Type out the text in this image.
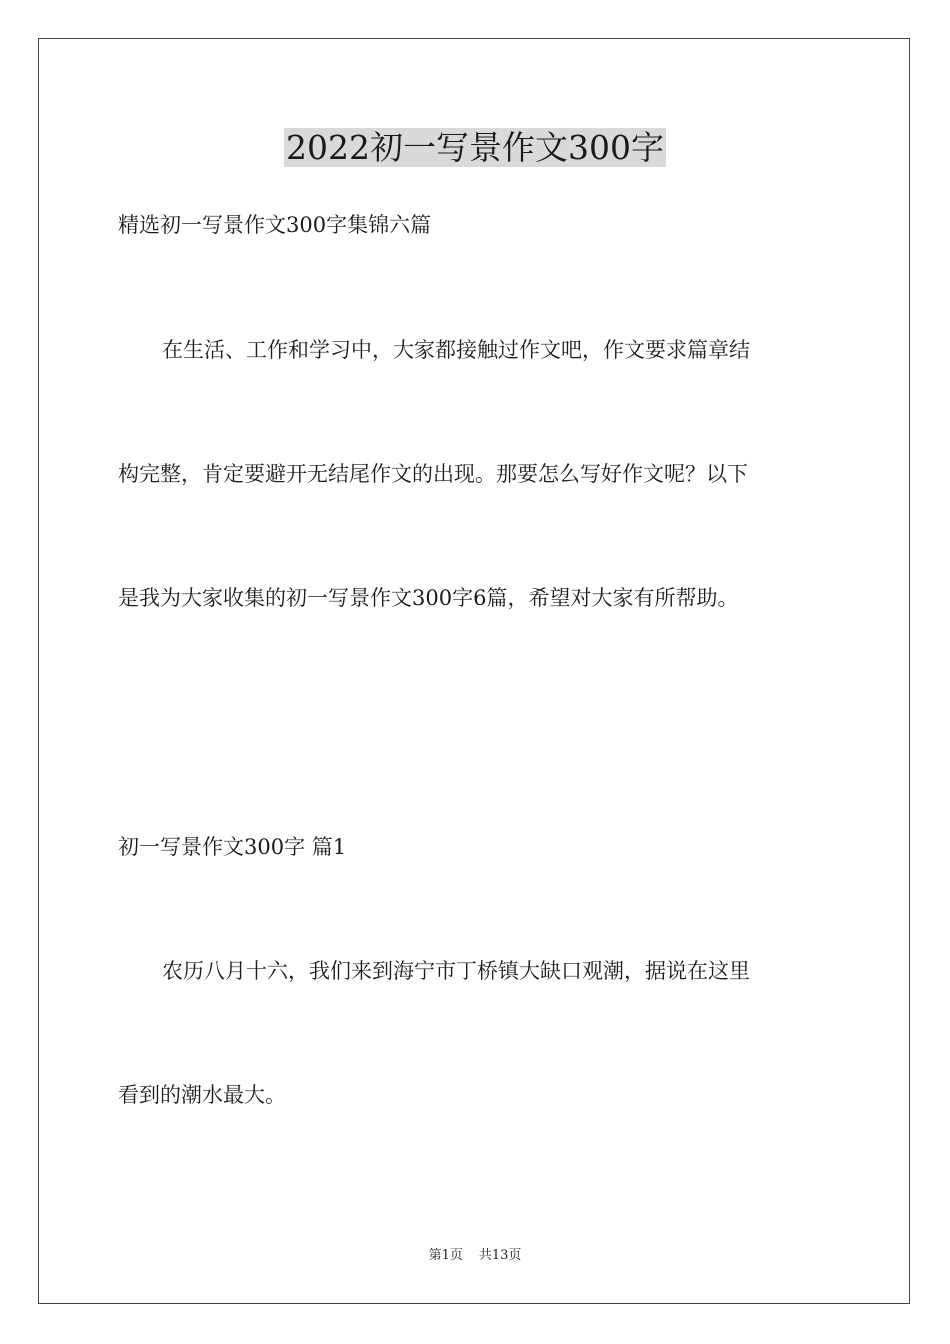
2022初一写景作文300字

精选初一写景作文300字集锦六篇

在生活、工作和学习中，大家都接触过作文吧，作文要求篇章结

构完整，肯定要避开无结尾作文的出现。那要怎么写好作文呢？以下

是我为大家收集的初一写景作文300字6篇，希望对大家有所帮助。

初一写景作文300字 篇1

农历八月十六，我们来到海宁市丁桥镇大缺口观潮，据说在这里

看到的潮水最大。

第1页 共13页
